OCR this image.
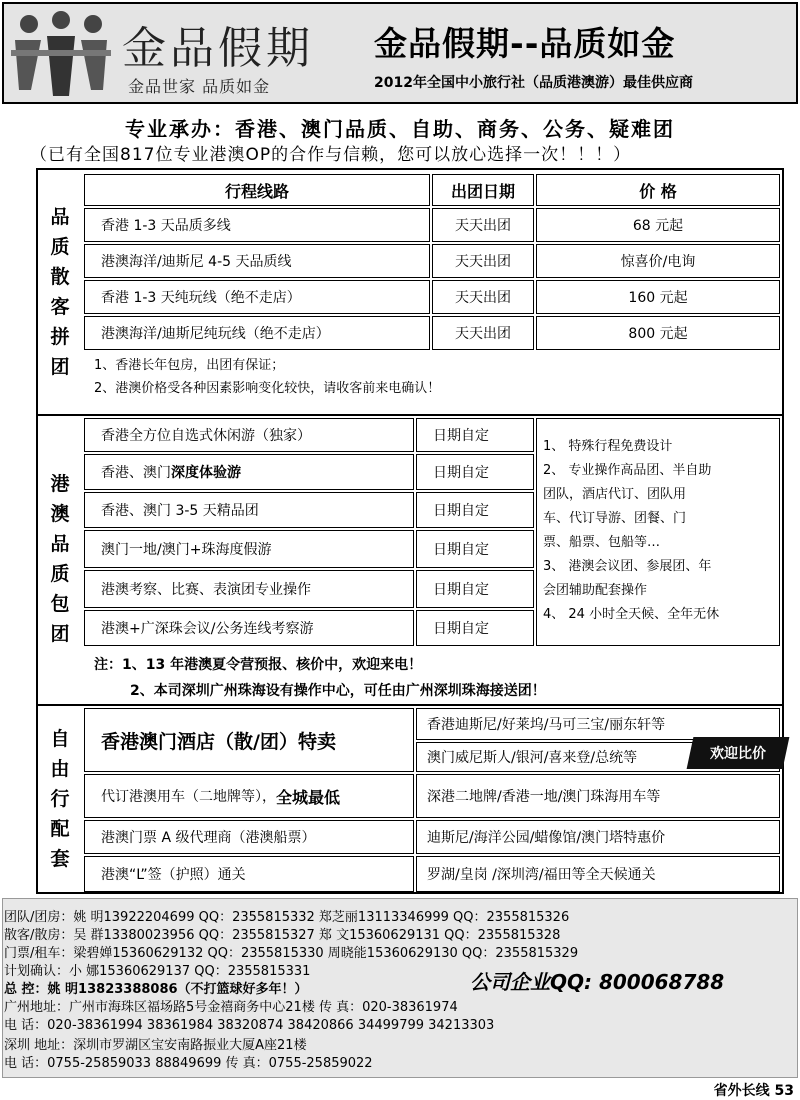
金品假期
金品世家 品质如金
金品假期--品质如金
2012年全国中小旅行社（品质港澳游）最佳供应商
专业承办：香港、澳门品质、自助、商务、公务、疑难团
（已有全国817位专业港澳OP的合作与信赖，您可以放心选择一次！！！）
品
质
散
客
拼
团
行程线路	出团日期	价 格
香港 1-3 天品质多线	天天出团	68 元起
港澳海洋/迪斯尼 4-5 天品质线	天天出团	惊喜价/电询
香港 1-3 天纯玩线（绝不走店）	天天出团	160 元起
港澳海洋/迪斯尼纯玩线（绝不走店）	天天出团	800 元起
1、香港长年包房，出团有保证；
2、港澳价格受各种因素影响变化较快，请收客前来电确认！
港
澳
品
质
包
团
香港全方位自选式休闲游（独家）	日期自定
香港、澳门 深度体验游	日期自定
香港、澳门 3-5 天精品团	日期自定
澳门一地/澳门+珠海度假游	日期自定
港澳考察、比赛、表演团专业操作	日期自定
港澳+广深珠会议/公务连线考察游	日期自定
1、 特殊行程免费设计
2、 专业操作高品团、半自助
团队，酒店代订、团队用
车、代订导游、团餐、门
票、船票、包船等…
3、 港澳会议团、参展团、年
会团辅助配套操作
4、 24 小时全天候、全年无休
注：1、13 年港澳夏令营预报、核价中，欢迎来电！
2、本司深圳广州珠海设有操作中心，可任由广州深圳珠海接送团！
自
由
行
配
套
香港澳门酒店（散/团）特卖
香港迪斯尼/好莱坞/马可三宝/丽东轩等
澳门威尼斯人/银河/喜来登/总统等
代订港澳用车（二地牌等）， 全城最低	深港二地牌/香港一地/澳门珠海用车等
港澳门票 A 级代理商（港澳船票）	迪斯尼/海洋公园/蜡像馆/澳门塔特惠价
港澳“L”签（护照）通关	罗湖/皇岗 /深圳湾/福田等全天候通关
欢迎比价
团队/团房：姚 明13922204699 QQ：2355815332 郑芝丽13113346999 QQ：2355815326
散客/散房：吴 群13380023956 QQ：2355815327 郑 文15360629131 QQ：2355815328
门票/租车：梁碧婵15360629132 QQ：2355815330 周晓能15360629130 QQ：2355815329
计划确认：小 娜15360629137 QQ：2355815331
总 控：姚 明13823388086（不打篮球好多年！）	公司企业QQ: 800068788
广州地址：广州市海珠区福场路5号金禧商务中心21楼 传 真：020-38361974
电 话：020-38361994 38361984 38320874 38420866 34499799 34213303
深圳 地址：深圳市罗湖区宝安南路振业大厦A座21楼
电 话：0755-25859033 88849699 传 真：0755-25859022
省外长线 53
